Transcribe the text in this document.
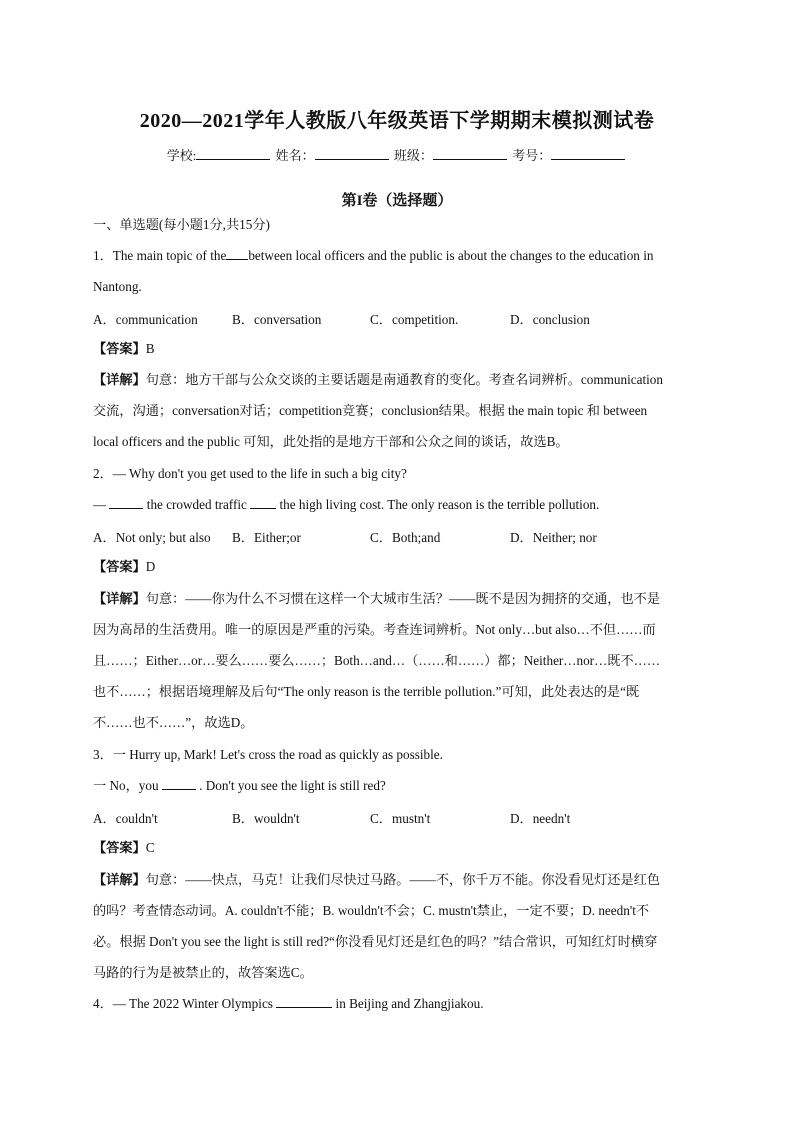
2020—2021学年人教版八年级英语下学期期末模拟测试卷
学校:	姓名：	班级：	考号：
第I卷（选择题）
一、单选题(每小题1分,共15分)
1．The main topic of the between local officers and the public is about the changes to the education in
Nantong.
A．communication	B．conversation	C．competition.	D．conclusion
【答案】B
【详解】句意：地方干部与公众交谈的主要话题是南通教育的变化。考查名词辨析。communication
交流，沟通；conversation对话；competition竞赛；conclusion结果。根据 the main topic 和 between
local officers and the public 可知，此处指的是地方干部和公众之间的谈话，故选B。
2．— Why don't you get used to the life in such a big city?
—	the crowded traffic the high living cost. The only reason is the terrible pollution.
A．Not only; but also B．Either;or	C．Both;and	D．Neither; nor
【答案】D
【详解】句意：——你为什么不习惯在这样一个大城市生活？——既不是因为拥挤的交通，也不是
因为高昂的生活费用。唯一的原因是严重的污染。考查连词辨析。Not only…but also…不但……而
且……；Either…or…要么……要么……；Both…and…（……和……）都；Neither…nor…既不……
也不……；根据语境理解及后句“The only reason is the terrible pollution.”可知，此处表达的是“既
不……也不……”，故选D。
3．一 Hurry up, Mark! Let's cross the road as quickly as possible.
一 No，you	. Don't you see the light is still red?
A．couldn't	B．wouldn't	C．mustn't	D．needn't
【答案】C
【详解】句意：——快点，马克！让我们尽快过马路。——不，你千万不能。你没看见灯还是红色
的吗？考查情态动词。A. couldn't不能；B. wouldn't不会；C. mustn't禁止，一定不要；D. needn't不
必。根据 Don't you see the light is still red?“你没看见灯还是红色的吗？”结合常识，可知红灯时横穿
马路的行为是被禁止的，故答案选C。
4．— The 2022 Winter Olympics	in Beijing and Zhangjiakou.
